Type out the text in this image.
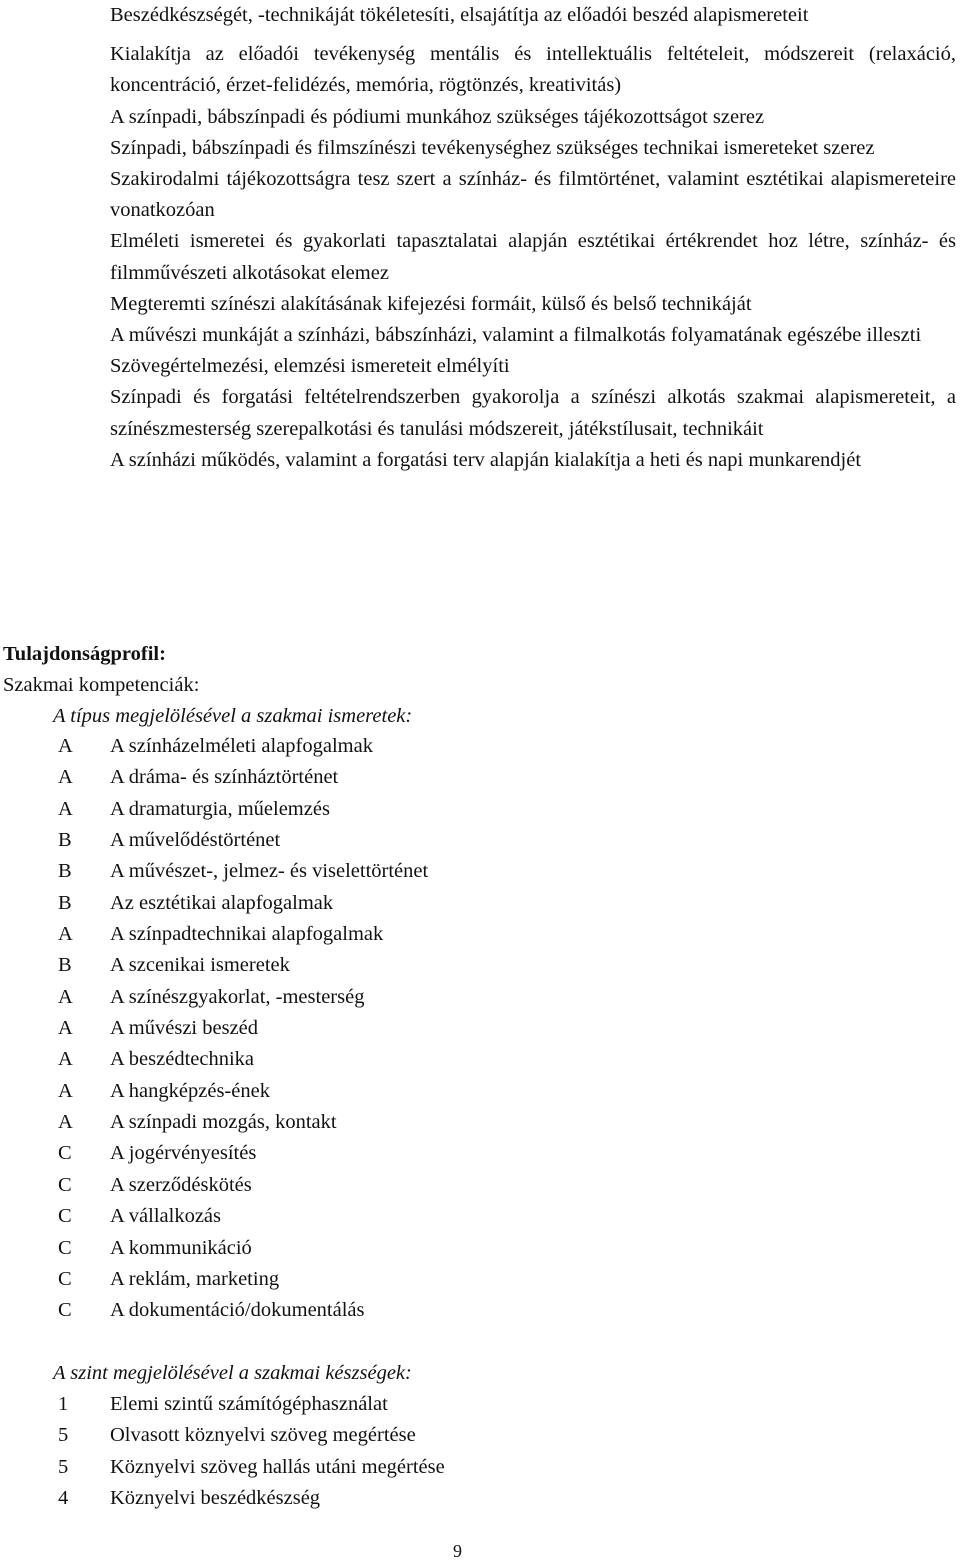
Beszédkészségét, -technikáját tökéletesíti, elsajátítja az előadói beszéd alapismereteit

Kialakítja az előadói tevékenység mentális és intellektuális feltételeit, módszereit (relaxáció, koncentráció, érzet-felidézés, memória, rögtönzés, kreativitás)

A színpadi, bábszínpadi és pódiumi munkához szükséges tájékozottságot szerez

Színpadi, bábszínpadi és filmszínészi tevékenységhez szükséges technikai ismereteket szerez

Szakirodalmi tájékozottságra tesz szert a színház- és filmtörténet, valamint esztétikai alapismereteire vonatkozóan

Elméleti ismeretei és gyakorlati tapasztalatai alapján esztétikai értékrendet hoz létre, színház- és filmművészeti alkotásokat elemez

Megteremti színészi alakításának kifejezési formáit, külső és belső technikáját

A művészi munkáját a színházi, bábszínházi, valamint a filmalkotás folyamatának egészébe illeszti

Szövegértelmezési, elemzési ismereteit elmélyíti

Színpadi és forgatási feltételrendszerben gyakorolja a színészi alkotás szakmai alapismereteit, a színészmesterség szerepalkotási és tanulási módszereit, játékstílusait, technikáit

A színházi működés, valamint a forgatási terv alapján kialakítja a heti és napi munkarendjét

Tulajdonságprofil:
Szakmai kompetenciák:
A típus megjelölésével a szakmai ismeretek:
A	A színházelméleti alapfogalmak
A	A dráma- és színháztörténet
A	A dramaturgia, műelemzés
B	A művelődéstörténet
B	A művészet-, jelmez- és viselettörténet
B	Az esztétikai alapfogalmak
A	A színpadtechnikai alapfogalmak
B	A szcenikai ismeretek
A	A színészgyakorlat, -mesterség
A	A művészi beszéd
A	A beszédtechnika
A	A hangképzés-ének
A	A színpadi mozgás, kontakt
C	A jogérvényesítés
C	A szerződéskötés
C	A vállalkozás
C	A kommunikáció
C	A reklám, marketing
C	A dokumentáció/dokumentálás
A szint megjelölésével a szakmai készségek:
1	Elemi szintű számítógéphasználat
5	Olvasott köznyelvi szöveg megértése
5	Köznyelvi szöveg hallás utáni megértése
4	Köznyelvi beszédkészség
9
